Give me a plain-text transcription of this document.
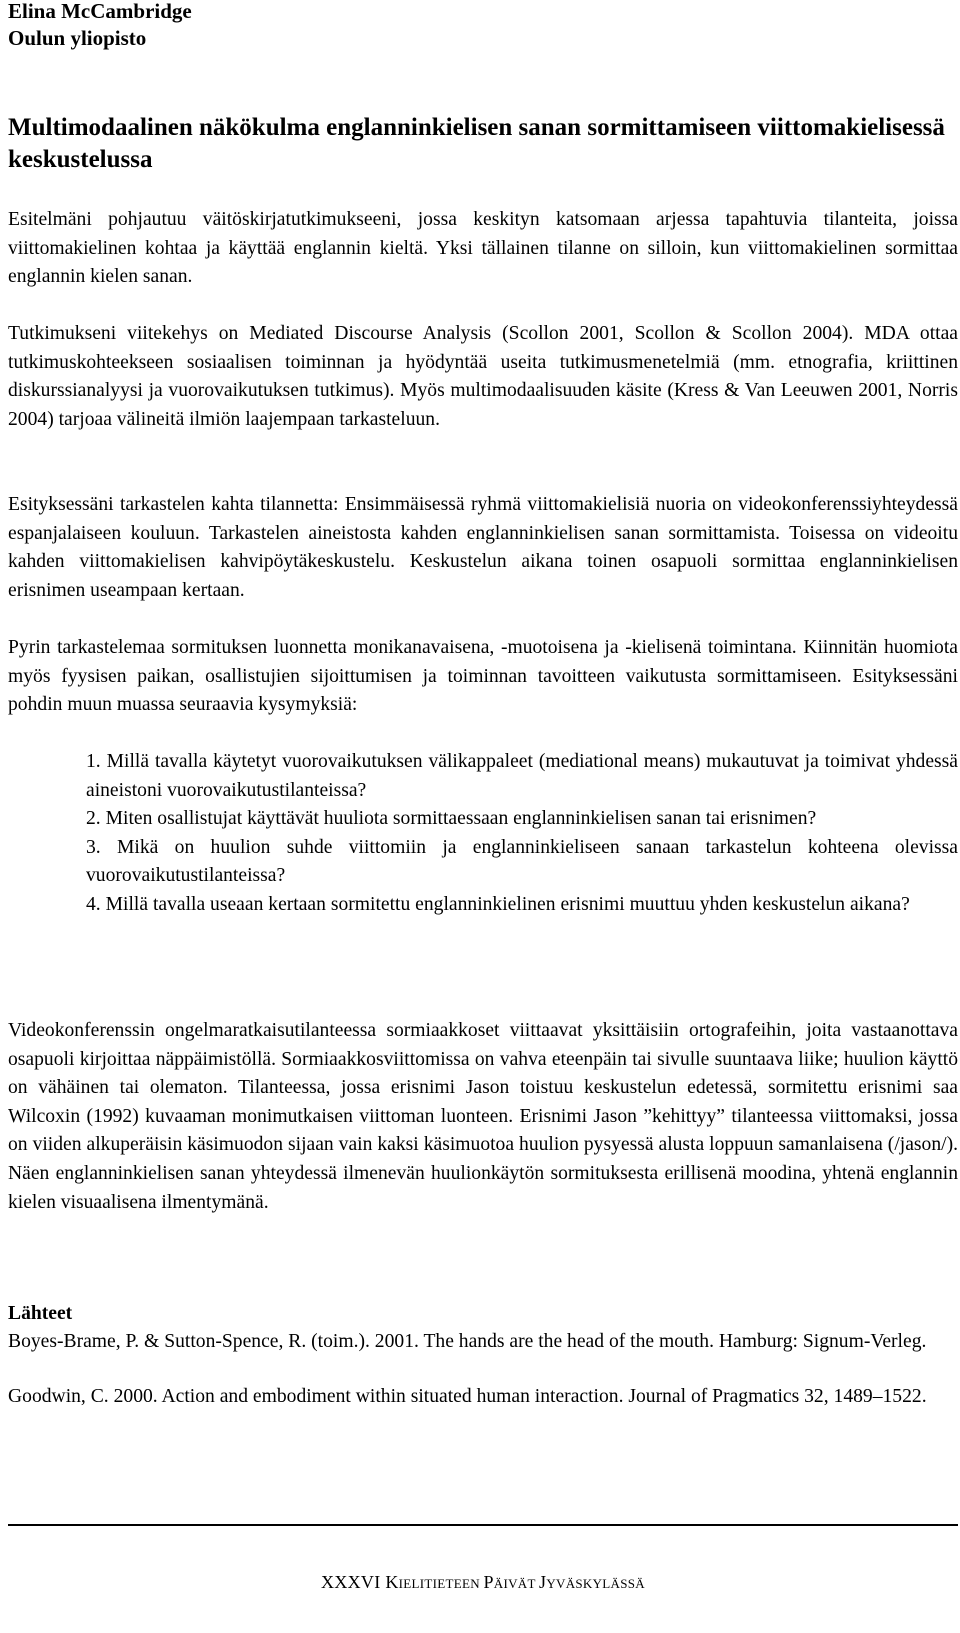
Elina McCambridge
Oulun yliopisto
Multimodaalinen näkökulma englanninkielisen sanan sormittamiseen viittomakielisessä keskustelussa
Esitelmäni pohjautuu väitöskirjatutkimukseeni, jossa keskityn katsomaan arjessa tapahtuvia tilanteita, joissa viittomakielinen kohtaa ja käyttää englannin kieltä. Yksi tällainen tilanne on silloin, kun viittomakielinen sormittaa englannin kielen sanan.
Tutkimukseni viitekehys on Mediated Discourse Analysis (Scollon 2001, Scollon & Scollon 2004). MDA ottaa tutkimuskohteekseen sosiaalisen toiminnan ja hyödyntää useita tutkimusmenetelmiä (mm. etnografia, kriittinen diskurssianalyysi ja vuorovaikutuksen tutkimus). Myös multimodaalisuuden käsite (Kress & Van Leeuwen 2001, Norris 2004) tarjoaa välineitä ilmiön laajempaan tarkasteluun.
Esityksessäni tarkastelen kahta tilannetta: Ensimmäisessä ryhmä viittomakielisiä nuoria on videokonferenssiyhteydessä espanjalaiseen kouluun. Tarkastelen aineistosta kahden englanninkielisen sanan sormittamista. Toisessa on videoitu kahden viittomakielisen kahvipöytäkeskustelu. Keskustelun aikana toinen osapuoli sormittaa englanninkielisen erisnimen useampaan kertaan.
Pyrin tarkastelemaa sormituksen luonnetta monikanavaisena, -muotoisena ja -kielisenä toimintana. Kiinnitän huomiota myös fyysisen paikan, osallistujien sijoittumisen ja toiminnan tavoitteen vaikutusta sormittamiseen. Esityksessäni pohdin muun muassa seuraavia kysymyksiä:
1. Millä tavalla käytetyt vuorovaikutuksen välikappaleet (mediational means) mukautuvat ja toimivat yhdessä aineistoni vuorovaikutustilanteissa?
2. Miten osallistujat käyttävät huuliota sormittaessaan englanninkielisen sanan tai erisnimen?
3. Mikä on huulion suhde viittomiin ja englanninkieliseen sanaan tarkastelun kohteena olevissa vuorovaikutustilanteissa?
4. Millä tavalla useaan kertaan sormitettu englanninkielinen erisnimi muuttuu yhden keskustelun aikana?
Videokonferenssin ongelmaratkaisutilanteessa sormiaakkoset viittaavat yksittäisiin ortografeihin, joita vastaanottava osapuoli kirjoittaa näppäimistöllä. Sormiaakkosviittomissa on vahva eteenpäin tai sivulle suuntaava liike; huulion käyttö on vähäinen tai olematon. Tilanteessa, jossa erisnimi Jason toistuu keskustelun edetessä, sormitettu erisnimi saa Wilcoxin (1992) kuvaaman monimutkaisen viittoman luonteen. Erisnimi Jason ”kehittyy” tilanteessa viittomaksi, jossa on viiden alkuperäisin käsimuodon sijaan vain kaksi käsimuotoa huulion pysyessä alusta loppuun samanlaisena (/jason/). Näen englanninkielisen sanan yhteydessä ilmenevän huulionkäytön sormituksesta erillisenä moodina, yhtenä englannin kielen visuaalisena ilmentymänä.
Lähteet
Boyes-Brame, P. & Sutton-Spence, R. (toim.). 2001. The hands are the head of the mouth. Hamburg: Signum-Verleg.
Goodwin, C. 2000. Action and embodiment within situated human interaction. Journal of Pragmatics 32, 1489–1522.
XXXVI KIELITIETEEN PÄIVÄT JYVÄSKYLÄSSÄ
